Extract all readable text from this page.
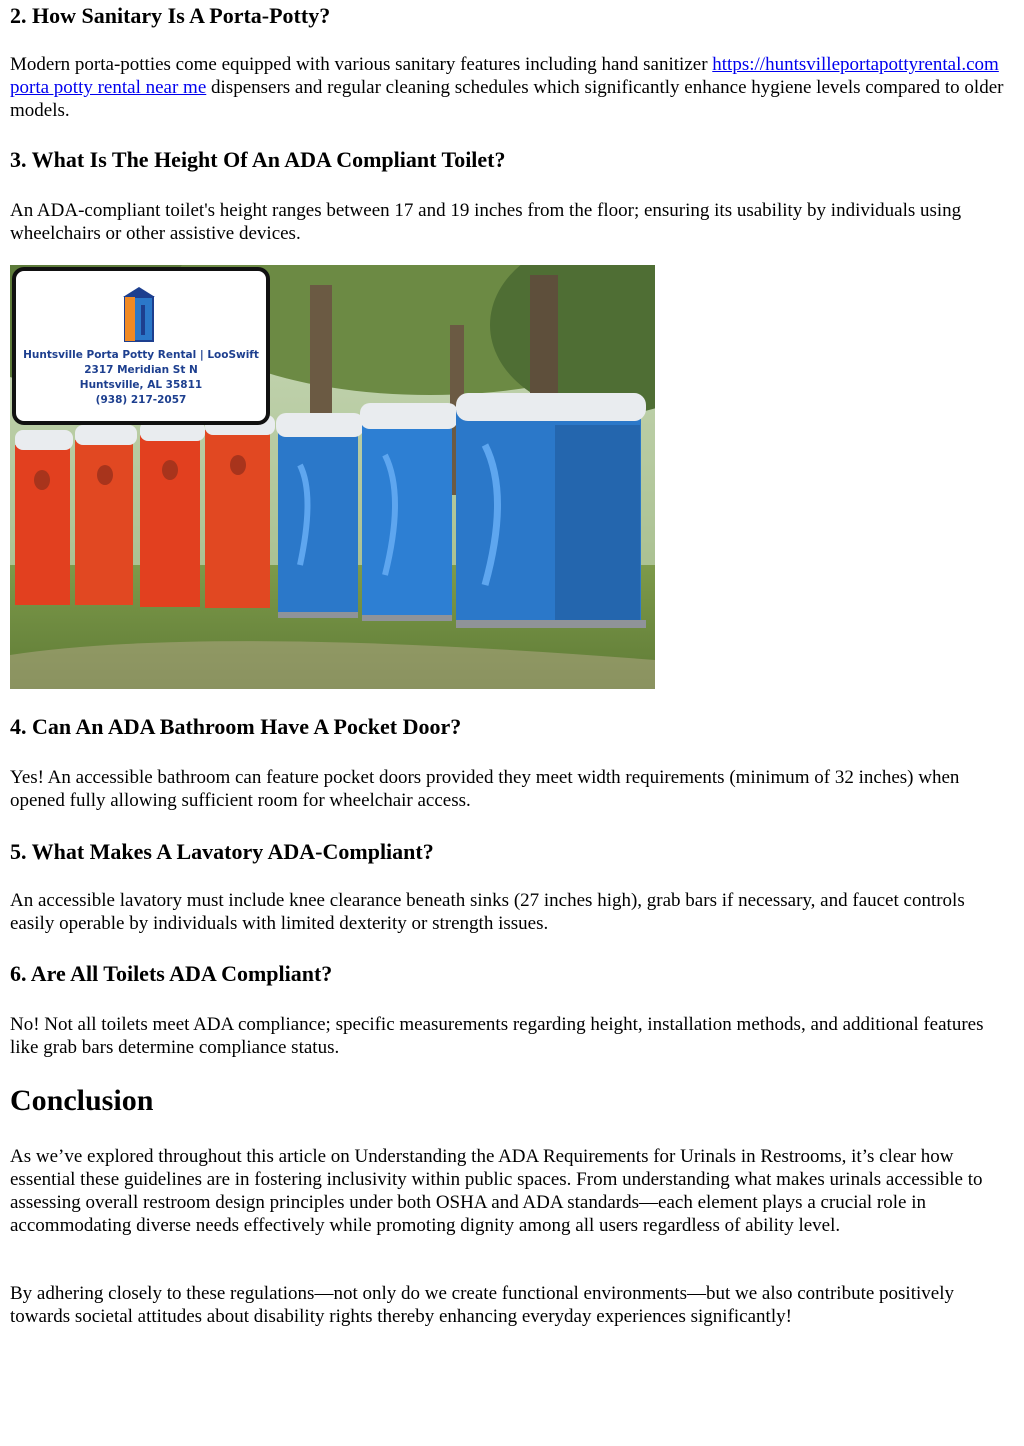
2. How Sanitary Is A Porta-Potty?

Modern porta-potties come equipped with various sanitary features including hand sanitizer https://huntsvilleportapottyrental.com porta potty rental near me dispensers and regular cleaning schedules which significantly enhance hygiene levels compared to older models.

3. What Is The Height Of An ADA Compliant Toilet?

An ADA-compliant toilet's height ranges between 17 and 19 inches from the floor; ensuring its usability by individuals using wheelchairs or other assistive devices.

Huntsville Porta Potty Rental | LooSwift
2317 Meridian St N
Huntsville, AL 35811
(938) 217-2057
4. Can An ADA Bathroom Have A Pocket Door?

Yes! An accessible bathroom can feature pocket doors provided they meet width requirements (minimum of 32 inches) when opened fully allowing sufficient room for wheelchair access.

5. What Makes A Lavatory ADA-Compliant?

An accessible lavatory must include knee clearance beneath sinks (27 inches high), grab bars if necessary, and faucet controls easily operable by individuals with limited dexterity or strength issues.

6. Are All Toilets ADA Compliant?

No! Not all toilets meet ADA compliance; specific measurements regarding height, installation methods, and additional features like grab bars determine compliance status.

Conclusion

As we’ve explored throughout this article on Understanding the ADA Requirements for Urinals in Restrooms, it’s clear how essential these guidelines are in fostering inclusivity within public spaces. From understanding what makes urinals accessible to assessing overall restroom design principles under both OSHA and ADA standards—each element plays a crucial role in accommodating diverse needs effectively while promoting dignity among all users regardless of ability level.

By adhering closely to these regulations—not only do we create functional environments—but we also contribute positively towards societal attitudes about disability rights thereby enhancing everyday experiences significantly!
